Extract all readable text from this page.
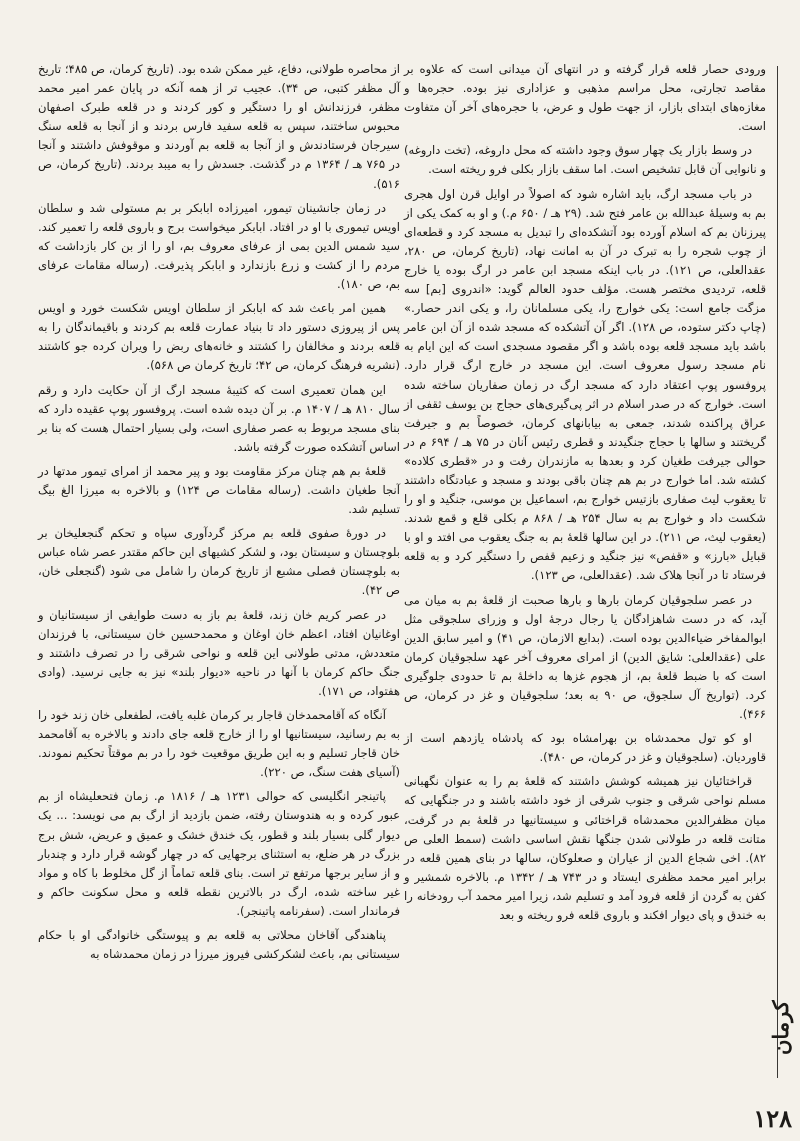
ورودی حصار قلعه قرار گرفته و در انتهای آن میدانی است که علاوه بر مقاصد تجارتی، محل مراسم مذهبی و عزاداری نیز بوده. حجره‌ها و مغازه‌های ابتدای بازار، از جهت طول و عرض، با حجره‌های آخر آن متفاوت است.

در وسط بازار یک چهار سوق وجود داشته که محل داروغه، (تخت داروغه) و نانوایی آن قابل تشخیص است. اما سقف بازار بکلی فرو ریخته است.

در باب مسجد ارگ، باید اشاره شود که اصولاً در اوایل قرن اول هجری بم به وسیلهٔ عبدالله بن عامر فتح شد. (۲۹ هـ / ۶۵۰ م.) و او به کمک یکی از پیرزنان بم که اسلام آورده بود آتشکده‌ای را تبدیل به مسجد کرد و قطعه‌ای از چوب شجره را به تبرک در آن به امانت نهاد، (تاریخ کرمان، ص ۲۸۰، عقدالعلی، ص ۱۲۱). در باب اینکه مسجد ابن عامر در ارگ بوده یا خارج قلعه، تردیدی مختصر هست. مؤلف حدود العالم گوید: «اندروی [بم] سه مزگت جامع است: یکی خوارج را، یکی مسلمانان را، و یکی اندر حصار.» (چاپ دکتر ستوده، ص ۱۲۸). اگر آن آتشکده که مسجد شده از آن ابن عامر باشد باید مسجد قلعه بوده باشد و اگر مقصود مسجدی است که این ایام به نام مسجد رسول معروف است. این مسجد در خارج ارگ قرار دارد. پروفسور پوپ اعتقاد دارد که مسجد ارگ در زمان صفاریان ساخته شده است. خوارج که در صدر اسلام در اثر پی‌گیری‌های حجاج بن یوسف ثقفی از عراق پراکنده شدند، جمعی به بیابانهای کرمان، خصوصاً بم و جیرفت گریختند و سالها با حجاج جنگیدند و قطری رئیس آنان در ۷۵ هـ / ۶۹۴ م در حوالی جیرفت طغیان کرد و بعدها به مازندران رفت و در «قطری کلاده» کشته شد. اما خوارج در بم هم چنان باقی بودند و مسجد و عبادتگاه داشتند تا یعقوب لیث صفاری بازتیس خوارج بم، اسماعیل بن موسی، جنگید و او را شکست داد و خوارج بم به سال ۲۵۴ هـ / ۸۶۸ م بکلی قلع و قمع شدند. (یعقوب لیث، ص ۲۱۱). در این سالها قلعهٔ بم به جنگ یعقوب می افتد و او با قبایل «بارز» و «قفص» نیز جنگید و زعیم قفص را دستگیر کرد و به قلعه فرستاد تا در آنجا هلاک شد. (عقدالعلی، ص ۱۲۳).

در عصر سلجوقیان کرمان بارها و بارها صحبت از قلعهٔ بم به میان می آید، که در دست شاهزادگان یا رجال درجهٔ اول و وزرای سلجوقی مثل ابوالمفاخر ضیاءالدین بوده است. (بدایع الازمان، ص ۴۱) و امیر سابق الدین علی (عقدالعلی: شایق الدین) از امرای معروف آخر عهد سلجوقیان کرمان است که با ضبط قلعهٔ بم، از هجوم غزها به داخلهٔ بم تا حدودی جلوگیری کرد. (تواریخ آل سلجوق، ص ۹۰ به بعد؛ سلجوقیان و غز در کرمان، ص ۴۶۶).

او کو تول محمدشاه بن بهرامشاه بود که پادشاه یازدهم است از قاوردیان. (سلجوقیان و غز در کرمان، ص ۴۸۰).

قراختائیان نیز همیشه کوشش داشتند که قلعهٔ بم را به عنوان نگهبانی مسلم نواحی شرقی و جنوب شرقی از خود داشته باشند و در جنگهایی که میان مظفرالدین محمدشاه قراختائی و سیستانیها در قلعهٔ بم در گرفت، متانت قلعه در طولانی شدن جنگها نقش اساسی داشت (سمط العلی ص ۸۲). اخی شجاع الدین از عیاران و صعلوکان، سالها در بنای همین قلعه در برابر امیر محمد مظفری ایستاد و در ۷۴۳ هـ / ۱۳۴۲ م. بالاخره شمشیر و کفن به گردن از قلعه فرود آمد و تسلیم شد، زیرا امیر محمد آب رودخانه را به خندق و پای دیوار افکند و باروی قلعه فرو ریخته و بعد

از محاصره طولانی، دفاع، غیر ممکن شده بود. (تاریخ کرمان، ص ۴۸۵؛ تاریخ آل مظفر کتبی، ص ۳۴). عجیب تر از همه آنکه در پایان عمر امیر محمد مظفر، فرزندانش او را دستگیر و کور کردند و در قلعه طبرک اصفهان محبوس ساختند، سپس به قلعه سفید فارس بردند و از آنجا به قلعه سنگ سیرجان فرستادندش و از آنجا به قلعه بم آوردند و موقوفش داشتند و آنجا در ۷۶۵ هـ / ۱۳۶۴ م در گذشت. جسدش را به میبد بردند. (تاریخ کرمان، ص ۵۱۶).

در زمان جانشینان تیمور، امیرزاده ابابکر بر بم مستولی شد و سلطان اویس تیموری با او در افتاد. ابابکر میخواست برج و باروی قلعه را تعمیر کند. سید شمس الدین بمی از عرفای معروف بم، او را از بن کار بازداشت که مردم را از کشت و زرع بازندارد و ابابکر پذیرفت. (رساله مقامات عرفای بم، ص ۱۸۰).

همین امر باعث شد که ابابکر از سلطان اویس شکست خورد و اویس پس از پیروزی دستور داد تا بنیاد عمارت قلعه بم کردند و باقیماندگان را به قلعه بردند و مخالفان را کشتند و خانه‌های ربض را ویران کرده جو کاشتند (نشریه فرهنگ کرمان، ص ۴۲؛ تاریخ کرمان ص ۵۶۸).

این همان تعمیری است که کتیبهٔ مسجد ارگ از آن حکایت دارد و رقم سال ۸۱۰ هـ / ۱۴۰۷ م. بر آن دیده شده است. پروفسور پوپ عقیده دارد که بنای مسجد مربوط به عصر صفاری است، ولی بسیار احتمال هست که بنا بر اساس آتشکده صورت گرفته باشد.

قلعهٔ بم هم چنان مرکز مقاومت بود و پیر محمد از امرای تیمور مدتها در آنجا طغیان داشت. (رساله مقامات ص ۱۲۴) و بالاخره به میرزا الغ بیگ تسلیم شد.

در دورهٔ صفوی قلعه بم مرکز گردآوری سپاه و تحکم گنجعلیخان بر بلوچستان و سیستان بود، و لشکر کشیهای این حاکم مقتدر عصر شاه عباس به بلوچستان فصلی مشبع از تاریخ کرمان را شامل می شود (گنجعلی خان، ص ۴۲).

در عصر کریم خان زند، قلعهٔ بم باز به دست طوایفی از سیستانیان و اوغانیان افتاد، اعظم خان اوغان و محمدحسین خان سیستانی، با فرزندان متعددش، مدتی طولانی این قلعه و نواحی شرقی را در تصرف داشتند و جنگ حاکم کرمان با آنها در ناحیه «دیوار بلند» نیز به جایی نرسید. (وادی هفتواد، ص ۱۷۱).

آنگاه که آقامحمدخان قاجار بر کرمان غلبه یافت، لطفعلی خان زند خود را به بم رسانید، سیستانیها او را از خارج قلعه جای دادند و بالاخره به آقامحمد خان قاجار تسلیم و به این طریق موقعیت خود را در بم موقتاً تحکیم نمودند. (آسیای هفت سنگ، ص ۲۲۰).

پاتینجر انگلیسی که حوالی ۱۲۳۱ هـ / ۱۸۱۶ م. زمان فتحعلیشاه از بم عبور کرده و به هندوستان رفته، ضمن بازدید از ارگ بم می نویسد: ... یک دیوار گلی بسیار بلند و قطور، یک خندق خشک و عمیق و عریض، شش برج بزرگ در هر ضلع، به استثنای برجهایی که در چهار گوشه قرار دارد و چندبار و از سایر برجها مرتفع تر است. بنای قلعه تماماً از گل مخلوط با کاه و مواد غیر ساخته شده، ارگ در بالاترین نقطه قلعه و محل سکونت حاکم و فرماندار است. (سفرنامه پاتینجر).

پناهندگی آقاخان محلاتی به قلعه بم و پیوستگی خانوادگی او با حکام سیستانی بم، باعث لشکرکشی فیروز میرزا در زمان محمدشاه به

کرمان
۱۲۸
